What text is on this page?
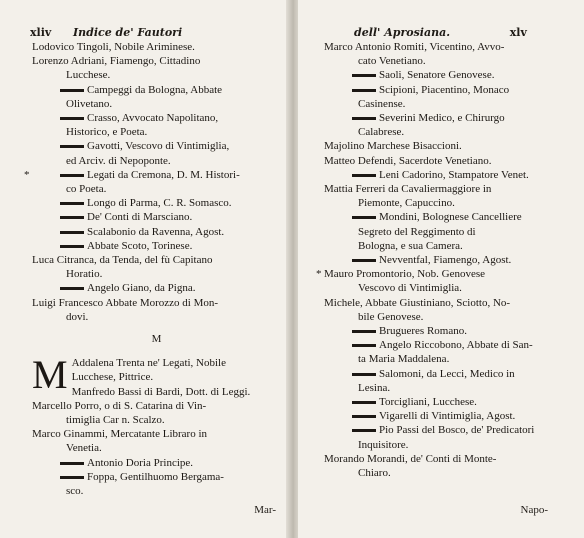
xliv Indice de' Fautori
Lodovico Tingoli, Nobile Ariminese.
Lorenzo Adriani, Fiamengo, Cittadino
Lucchese.
Campeggi da Bologna, Abbate
Olivetano.
Crasso, Avvocato Napolitano,
Historico, e Poeta.
Gavotti, Vescovo di Vintimiglia,
ed Arciv. di Nepoponte.
*	Legati da Cremona, D. M. Histori-
co Poeta.
Longo di Parma, C. R. Somasco.
De' Conti di Marsciano.
Scalabonio da Ravenna, Agost.
Abbate Scoto, Torinese.
Luca Citranca, da Tenda, del fù Capitano
Horatio.
Angelo Giano, da Pigna.
Luigi Francesco Abbate Morozzo di Mon-
dovi.
M
M Addalena Trenta ne' Legati, Nobile
Lucchese, Pittrice.
Manfredo Bassi di Bardi, Dott. di Leggi.
Marcello Porro, o di S. Catarina di Vin-
timiglia Car n. Scalzo.
Marco Ginammi, Mercatante Libraro in
Venetia.
Antonio Doria Principe.
Foppa, Gentilhuomo Bergama-
sco.
Mar-
dell' Aprosiana.	xlv
Marco Antonio Romiti, Vicentino, Avvo-
cato Venetiano.
Saoli, Senatore Genovese.
Scipioni, Piacentino, Monaco
Casinense.
Severini Medico, e Chirurgo
Calabrese.
Majolino Marchese Bisaccioni.
Matteo Defendi, Sacerdote Venetiano.
Leni Cadorino, Stampatore Venet.
Mattia Ferreri da Cavaliermaggiore in
Piemonte, Capuccino.
Mondini, Bolognese Cancelliere
Segreto del Reggimento di
Bologna, e sua Camera.
Nevventfal, Fiamengo, Agost.
* Mauro Promontorio, Nob. Genovese
Vescovo di Vintimiglia.
Michele, Abbate Giustiniano, Sciotto, No-
bile Genovese.
Brugueres Romano.
Angelo Riccobono, Abbate di San-
ta Maria Maddalena.
Salomoni, da Lecci, Medico in
Lesina.
Torcigliani, Lucchese.
Vigarelli di Vintimiglia, Agost.
Pio Passi del Bosco, de' Predicatori
Inquisitore.
Morando Morandi, de' Conti di Monte-
Chiaro.
Napo-
